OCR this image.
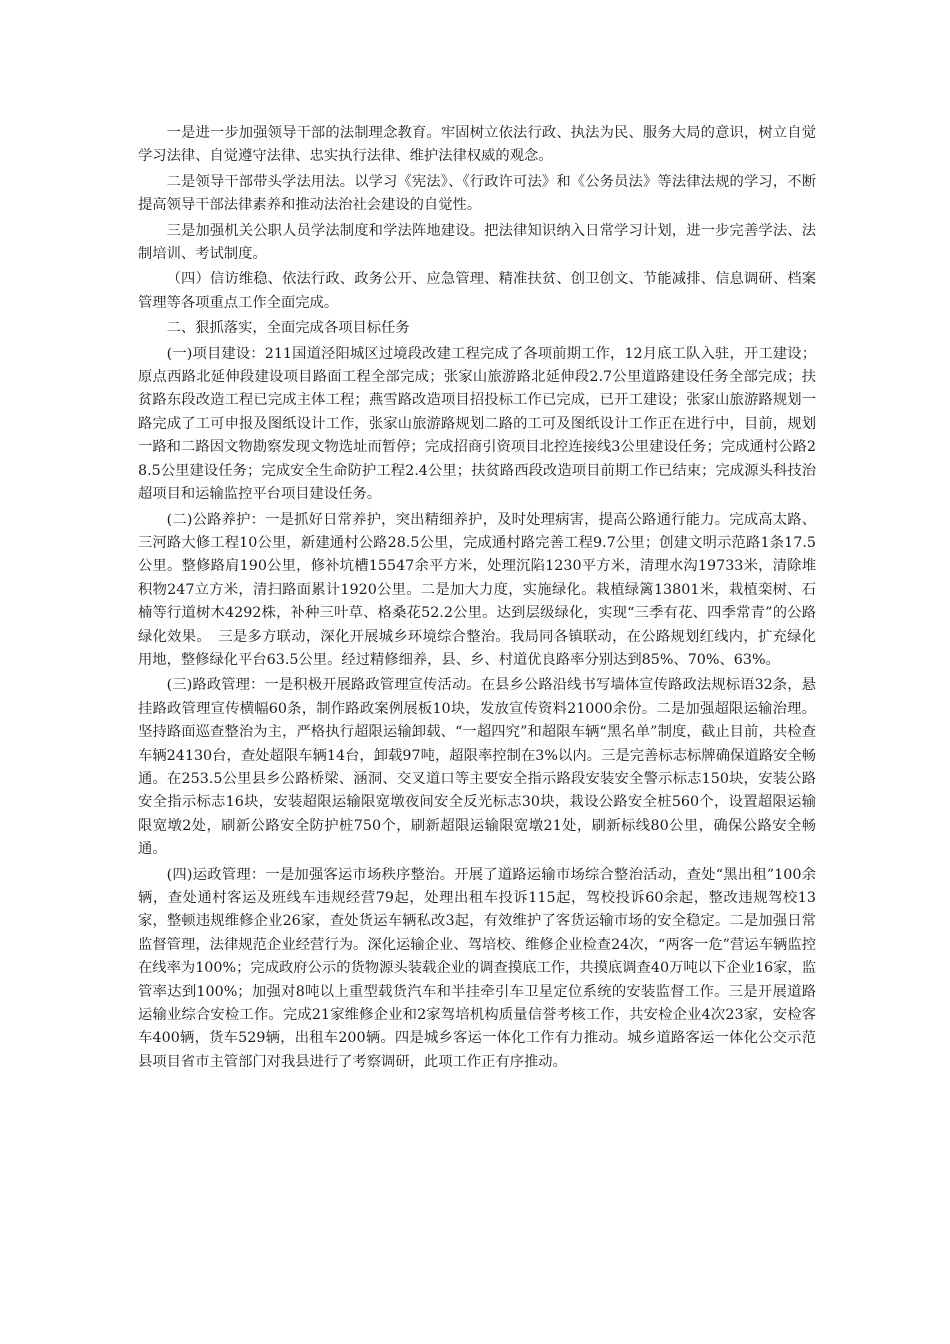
一是进一步加强领导干部的法制理念教育。牢固树立依法行政、执法为民、服务大局的意识，树立自觉学习法律、自觉遵守法律、忠实执行法律、维护法律权威的观念。

二是领导干部带头学法用法。以学习《宪法》、《行政许可法》和《公务员法》等法律法规的学习，不断提高领导干部法律素养和推动法治社会建设的自觉性。

三是加强机关公职人员学法制度和学法阵地建设。把法律知识纳入日常学习计划，进一步完善学法、法制培训、考试制度。

（四）信访维稳、依法行政、政务公开、应急管理、精准扶贫、创卫创文、节能减排、信息调研、档案管理等各项重点工作全面完成。

二、狠抓落实，全面完成各项目标任务

(一)项目建设：211国道泾阳城区过境段改建工程完成了各项前期工作，12月底工队入驻，开工建设；原点西路北延伸段建设项目路面工程全部完成；张家山旅游路北延伸段2.7公里道路建设任务全部完成；扶贫路东段改造工程已完成主体工程；燕雪路改造项目招投标工作已完成，已开工建设；张家山旅游路规划一路完成了工可申报及图纸设计工作，张家山旅游路规划二路的工可及图纸设计工作正在进行中，目前，规划一路和二路因文物勘察发现文物选址而暂停；完成招商引资项目北控连接线3公里建设任务；完成通村公路28.5公里建设任务；完成安全生命防护工程2.4公里；扶贫路西段改造项目前期工作已结束；完成源头科技治超项目和运输监控平台项目建设任务。

(二)公路养护：一是抓好日常养护，突出精细养护，及时处理病害，提高公路通行能力。完成高太路、三河路大修工程10公里，新建通村公路28.5公里，完成通村路完善工程9.7公里；创建文明示范路1条17.5公里。整修路肩190公里，修补坑槽15547余平方米，处理沉陷1230平方米，清理水沟19733米，清除堆积物247立方米，清扫路面累计1920公里。二是加大力度，实施绿化。栽植绿篱13801米，栽植栾树、石楠等行道树木4292株，补种三叶草、格桑花52.2公里。达到层级绿化，实现“三季有花、四季常青”的公路绿化效果。　三是多方联动，深化开展城乡环境综合整治。我局同各镇联动，在公路规划红线内，扩充绿化用地，整修绿化平台63.5公里。经过精修细养，县、乡、村道优良路率分别达到85%、70%、63%。

(三)路政管理：一是积极开展路政管理宣传活动。在县乡公路沿线书写墙体宣传路政法规标语32条，悬挂路政管理宣传横幅60条，制作路政案例展板10块，发放宣传资料21000余份。二是加强超限运输治理。坚持路面巡查整治为主，严格执行超限运输卸载、“一超四究”和超限车辆“黑名单”制度，截止目前，共检查车辆24130台，查处超限车辆14台，卸载97吨，超限率控制在3%以内。三是完善标志标牌确保道路安全畅通。在253.5公里县乡公路桥梁、涵洞、交叉道口等主要安全指示路段安装安全警示标志150块，安装公路安全指示标志16块，安装超限运输限宽墩夜间安全反光标志30块，栽设公路安全桩560个，设置超限运输限宽墩2处，刷新公路安全防护桩750个，刷新超限运输限宽墩21处，刷新标线80公里，确保公路安全畅通。

(四)运政管理：一是加强客运市场秩序整治。开展了道路运输市场综合整治活动，查处“黑出租”100余辆，查处通村客运及班线车违规经营79起，处理出租车投诉115起，驾校投诉60余起，整改违规驾校13家，整顿违规维修企业26家，查处货运车辆私改3起，有效维护了客货运输市场的安全稳定。二是加强日常监督管理，法律规范企业经营行为。深化运输企业、驾培校、维修企业检查24次，“两客一危”营运车辆监控在线率为100%；完成政府公示的货物源头装载企业的调查摸底工作，共摸底调查40万吨以下企业16家，监管率达到100%；加强对8吨以上重型载货汽车和半挂牵引车卫星定位系统的安装监督工作。三是开展道路运输业综合安检工作。完成21家维修企业和2家驾培机构质量信誉考核工作，共安检企业4次23家，安检客车400辆，货车529辆，出租车200辆。四是城乡客运一体化工作有力推动。城乡道路客运一体化公交示范县项目省市主管部门对我县进行了考察调研，此项工作正有序推动。
